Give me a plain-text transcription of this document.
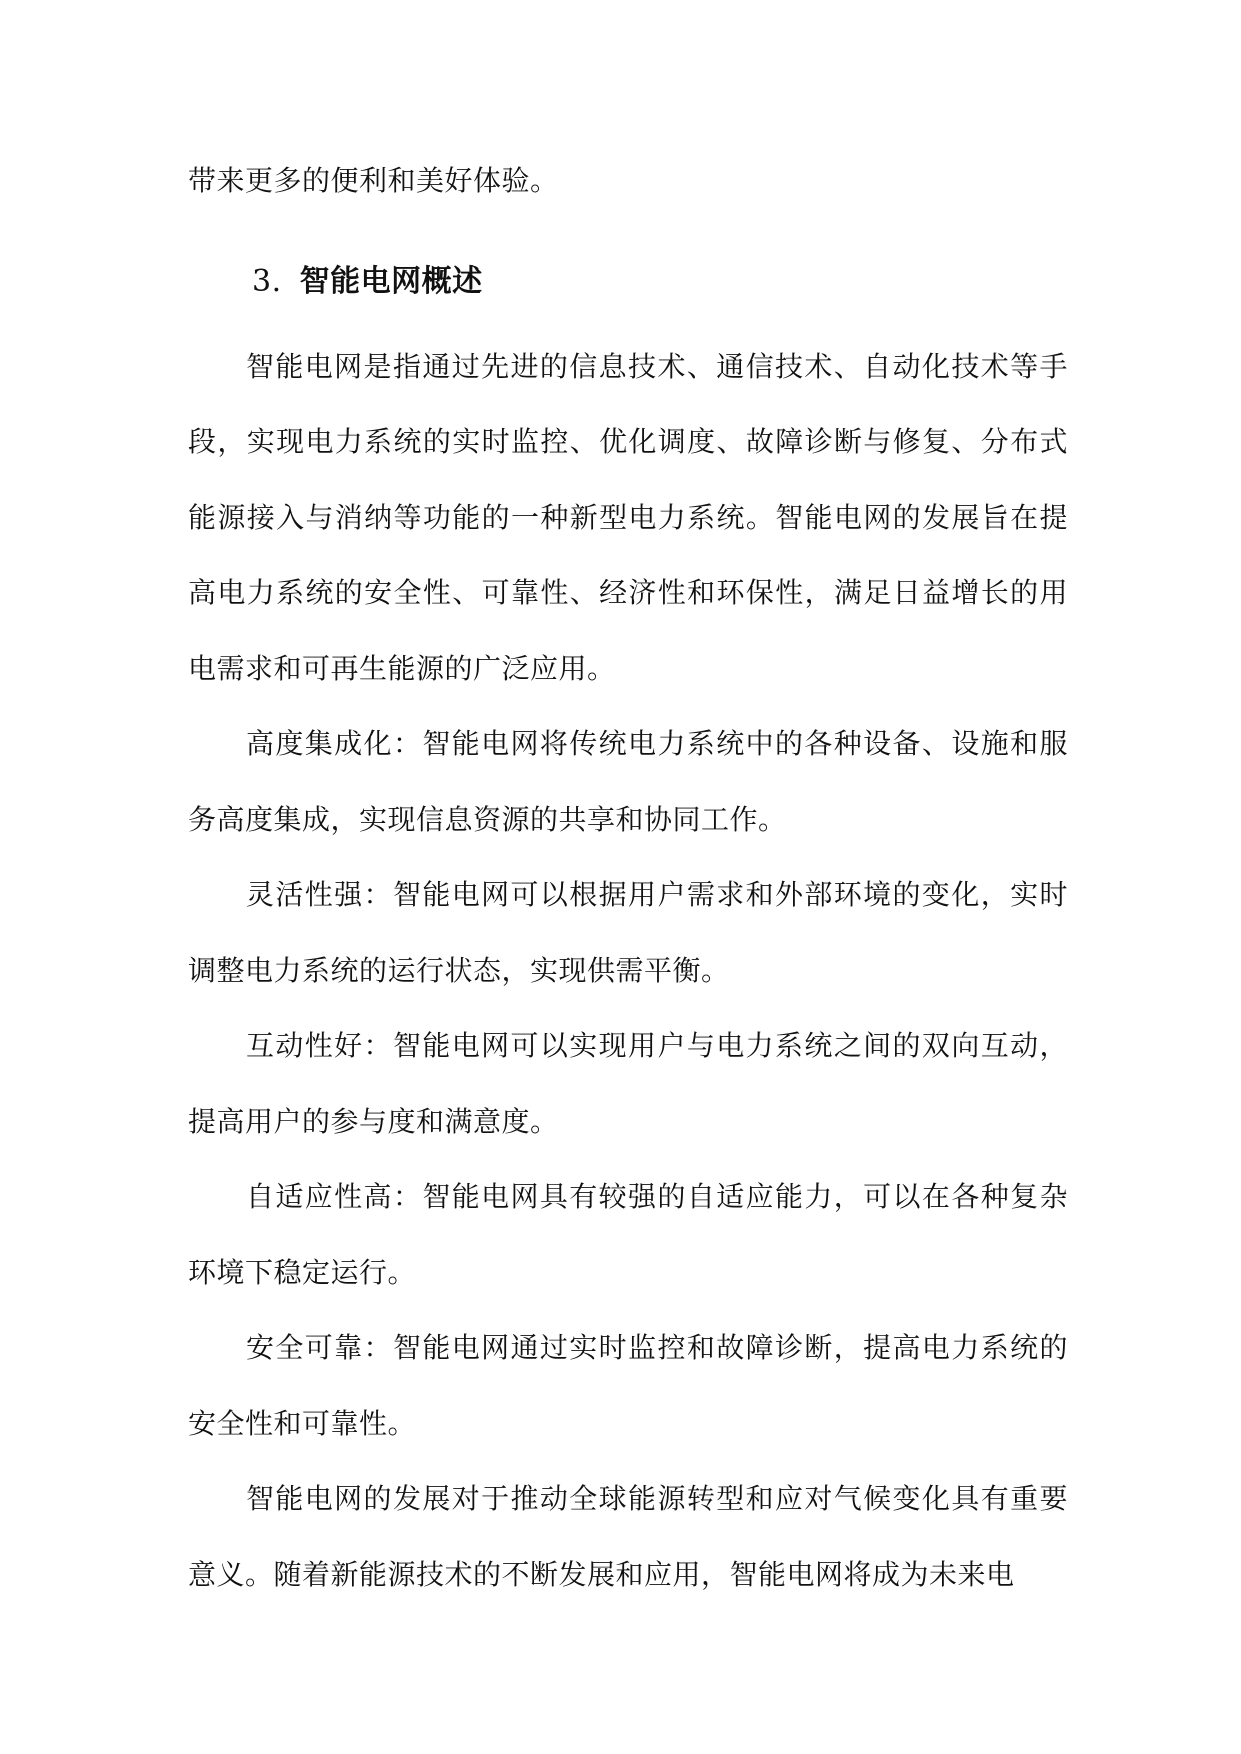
带来更多的便利和美好体验。

3. 智能电网概述

智能电网是指通过先进的信息技术、通信技术、自动化技术等手段，实现电力系统的实时监控、优化调度、故障诊断与修复、分布式能源接入与消纳等功能的一种新型电力系统。智能电网的发展旨在提高电力系统的安全性、可靠性、经济性和环保性，满足日益增长的用电需求和可再生能源的广泛应用。

高度集成化：智能电网将传统电力系统中的各种设备、设施和服务高度集成，实现信息资源的共享和协同工作。

灵活性强：智能电网可以根据用户需求和外部环境的变化，实时调整电力系统的运行状态，实现供需平衡。

互动性好：智能电网可以实现用户与电力系统之间的双向互动，提高用户的参与度和满意度。

自适应性高：智能电网具有较强的自适应能力，可以在各种复杂环境下稳定运行。

安全可靠：智能电网通过实时监控和故障诊断，提高电力系统的安全性和可靠性。

智能电网的发展对于推动全球能源转型和应对气候变化具有重要意义。随着新能源技术的不断发展和应用，智能电网将成为未来电
